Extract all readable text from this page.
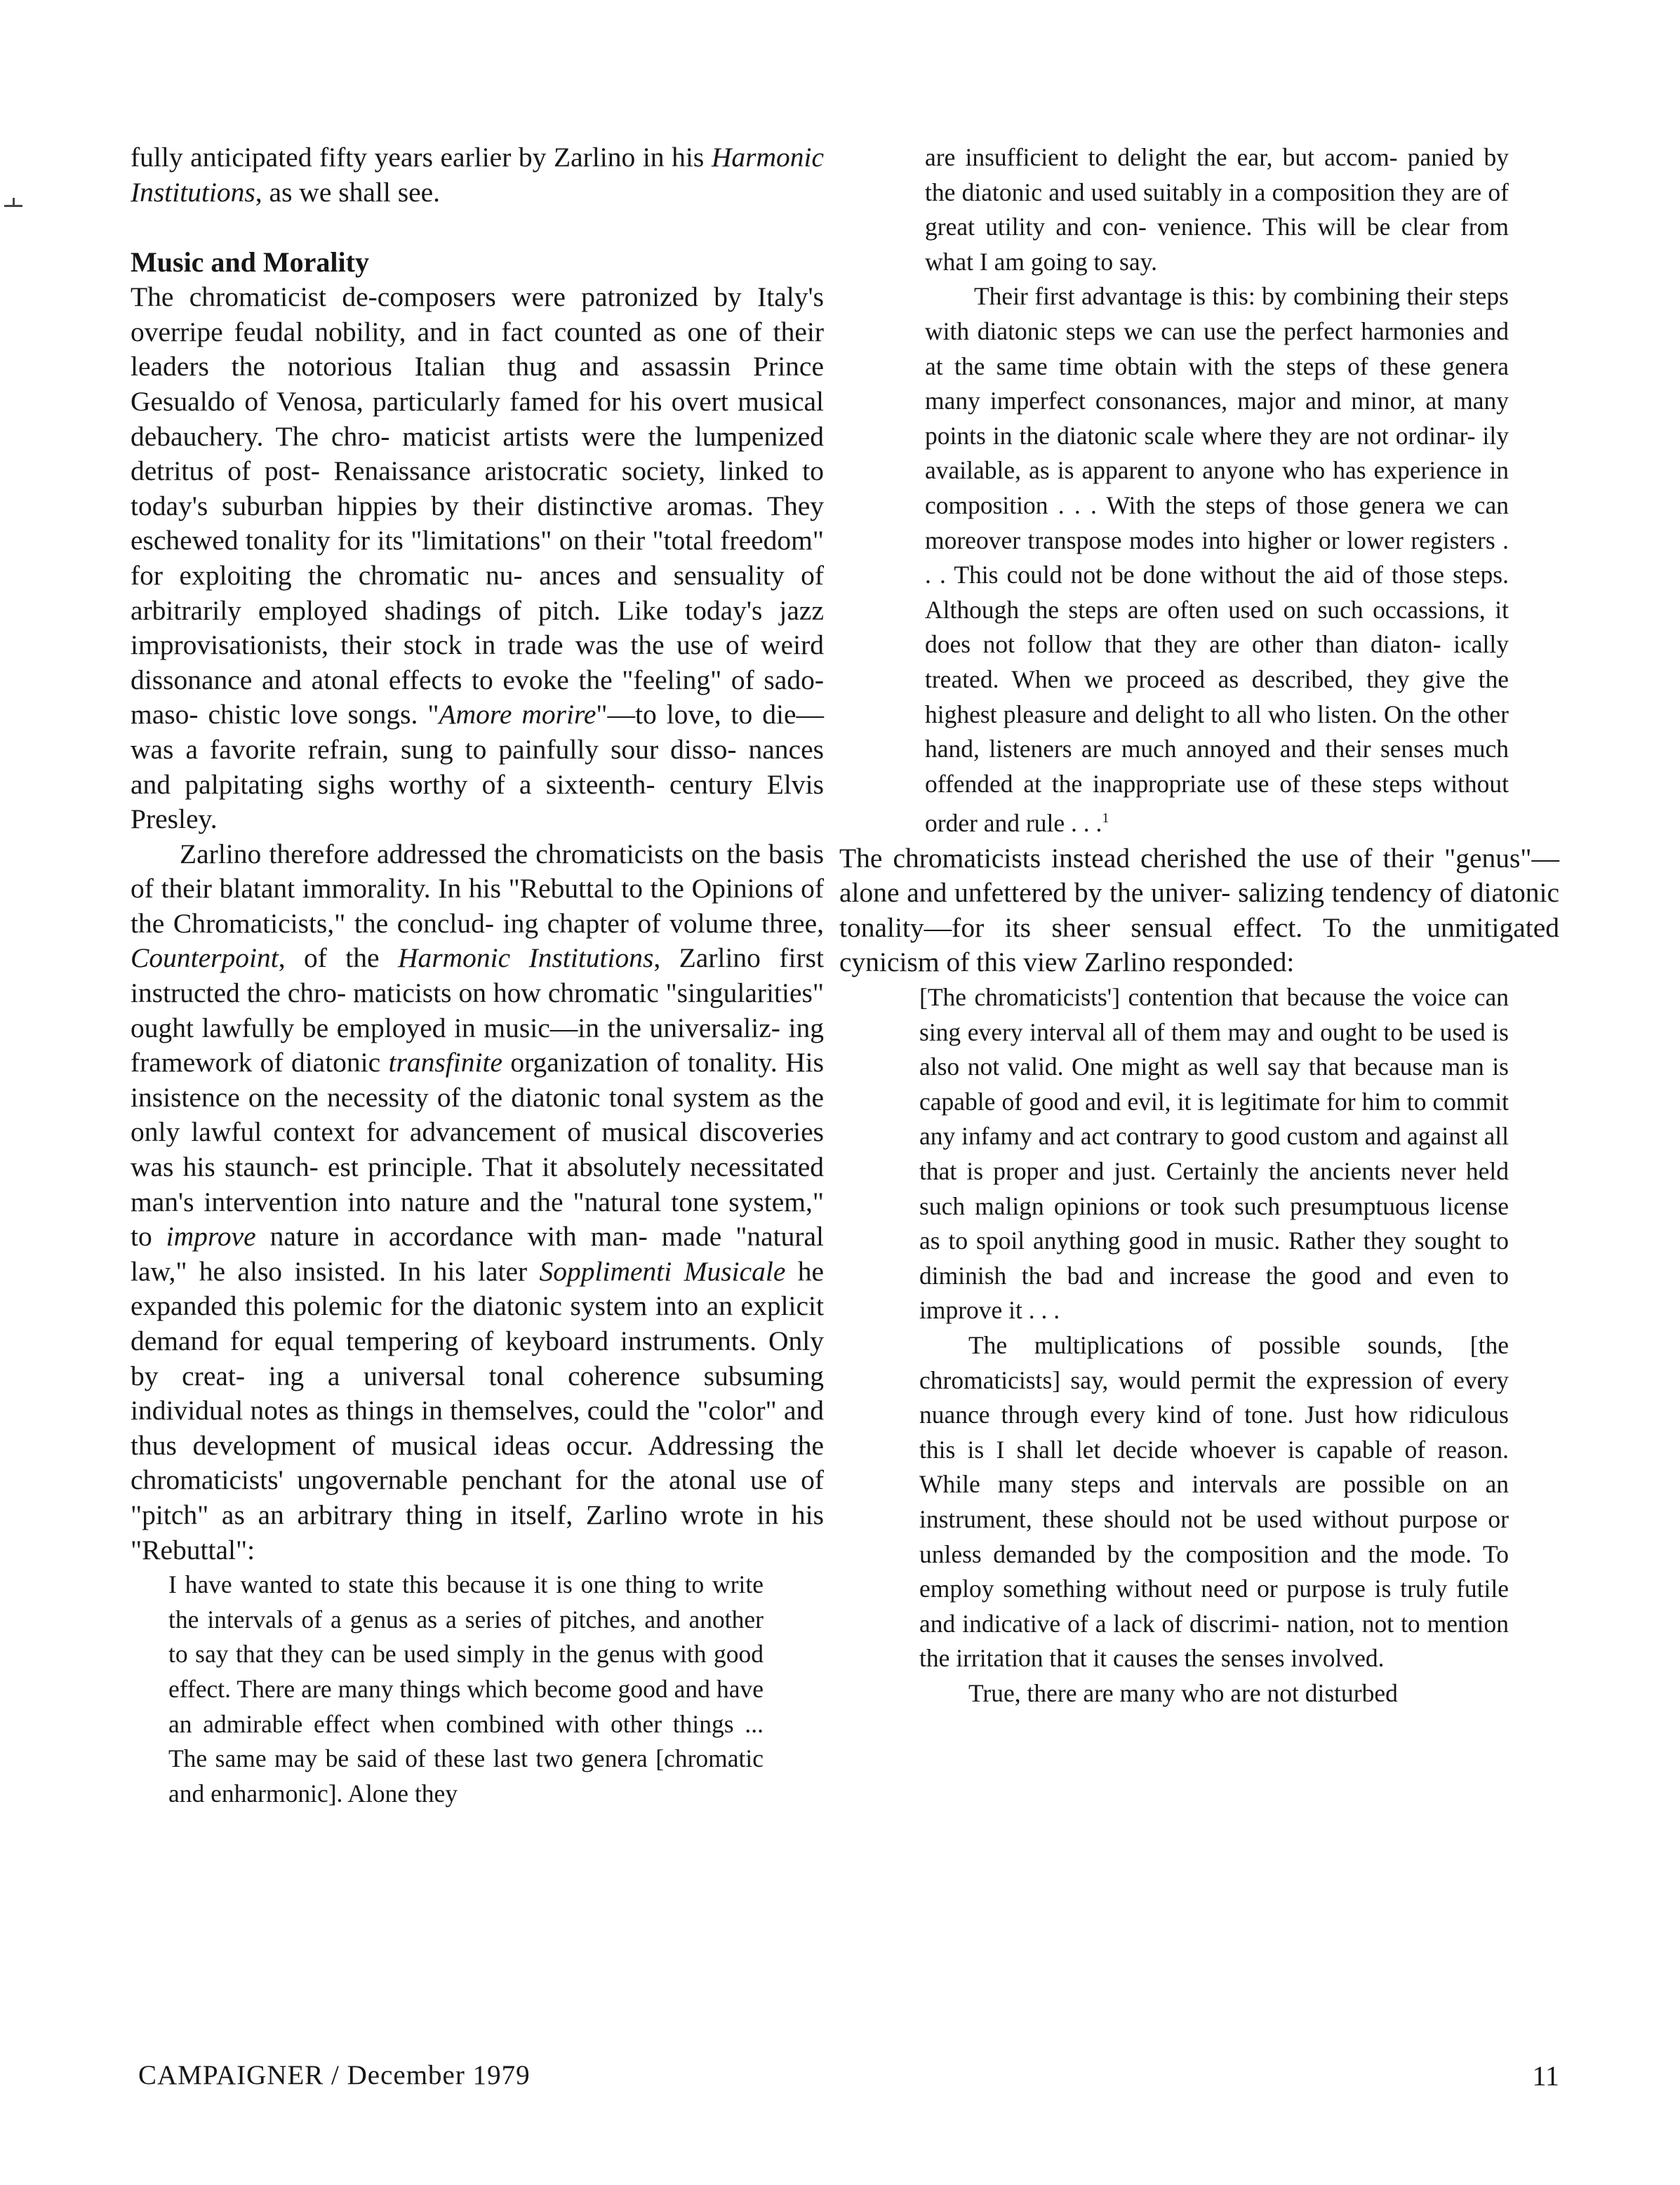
fully anticipated fifty years earlier by Zarlino in his Harmonic Institutions, as we shall see.

Music and Morality

The chromaticist de-composers were patronized by Italy's overripe feudal nobility, and in fact counted as one of their leaders the notorious Italian thug and assassin Prince Gesualdo of Venosa, particularly famed for his overt musical debauchery. The chro- maticist artists were the lumpenized detritus of post- Renaissance aristocratic society, linked to today's suburban hippies by their distinctive aromas. They eschewed tonality for its "limitations" on their "total freedom" for exploiting the chromatic nu- ances and sensuality of arbitrarily employed shadings of pitch. Like today's jazz improvisationists, their stock in trade was the use of weird dissonance and atonal effects to evoke the "feeling" of sado-maso- chistic love songs. "Amore morire"—to love, to die— was a favorite refrain, sung to painfully sour disso- nances and palpitating sighs worthy of a sixteenth- century Elvis Presley.

Zarlino therefore addressed the chromaticists on the basis of their blatant immorality. In his "Rebuttal to the Opinions of the Chromaticists," the conclud- ing chapter of volume three, Counterpoint, of the Harmonic Institutions, Zarlino first instructed the chro- maticists on how chromatic "singularities" ought lawfully be employed in music—in the universaliz- ing framework of diatonic transfinite organization of tonality. His insistence on the necessity of the diatonic tonal system as the only lawful context for advancement of musical discoveries was his staunch- est principle. That it absolutely necessitated man's intervention into nature and the "natural tone system," to improve nature in accordance with man- made "natural law," he also insisted. In his later Sopplimenti Musicale he expanded this polemic for the diatonic system into an explicit demand for equal tempering of keyboard instruments. Only by creat- ing a universal tonal coherence subsuming individual notes as things in themselves, could the "color" and thus development of musical ideas occur. Addressing the chromaticists' ungovernable penchant for the atonal use of "pitch" as an arbitrary thing in itself, Zarlino wrote in his "Rebuttal":

I have wanted to state this because it is one thing to write the intervals of a genus as a series of pitches, and another to say that they can be used simply in the genus with good effect. There are many things which become good and have an admirable effect when combined with other things ... The same may be said of these last two genera [chromatic and enharmonic]. Alone they

are insufficient to delight the ear, but accom- panied by the diatonic and used suitably in a composition they are of great utility and con- venience. This will be clear from what I am going to say.

Their first advantage is this: by combining their steps with diatonic steps we can use the perfect harmonies and at the same time obtain with the steps of these genera many imperfect consonances, major and minor, at many points in the diatonic scale where they are not ordinar- ily available, as is apparent to anyone who has experience in composition . . . With the steps of those genera we can moreover transpose modes into higher or lower registers . . . This could not be done without the aid of those steps. Although the steps are often used on such occassions, it does not follow that they are other than diaton- ically treated. When we proceed as described, they give the highest pleasure and delight to all who listen. On the other hand, listeners are much annoyed and their senses much offended at the inappropriate use of these steps without order and rule . . .$^1$

The chromaticists instead cherished the use of their "genus"—alone and unfettered by the univer- salizing tendency of diatonic tonality—for its sheer sensual effect. To the unmitigated cynicism of this view Zarlino responded:

[The chromaticists'] contention that because the voice can sing every interval all of them may and ought to be used is also not valid. One might as well say that because man is capable of good and evil, it is legitimate for him to commit any infamy and act contrary to good custom and against all that is proper and just. Certainly the ancients never held such malign opinions or took such presumptuous license as to spoil anything good in music. Rather they sought to diminish the bad and increase the good and even to improve it . . .

The multiplications of possible sounds, [the chromaticists] say, would permit the expression of every nuance through every kind of tone. Just how ridiculous this is I shall let decide whoever is capable of reason. While many steps and intervals are possible on an instrument, these should not be used without purpose or unless demanded by the composition and the mode. To employ something without need or purpose is truly futile and indicative of a lack of discrimi- nation, not to mention the irritation that it causes the senses involved.

True, there are many who are not disturbed

CAMPAIGNER / December 1979	11
